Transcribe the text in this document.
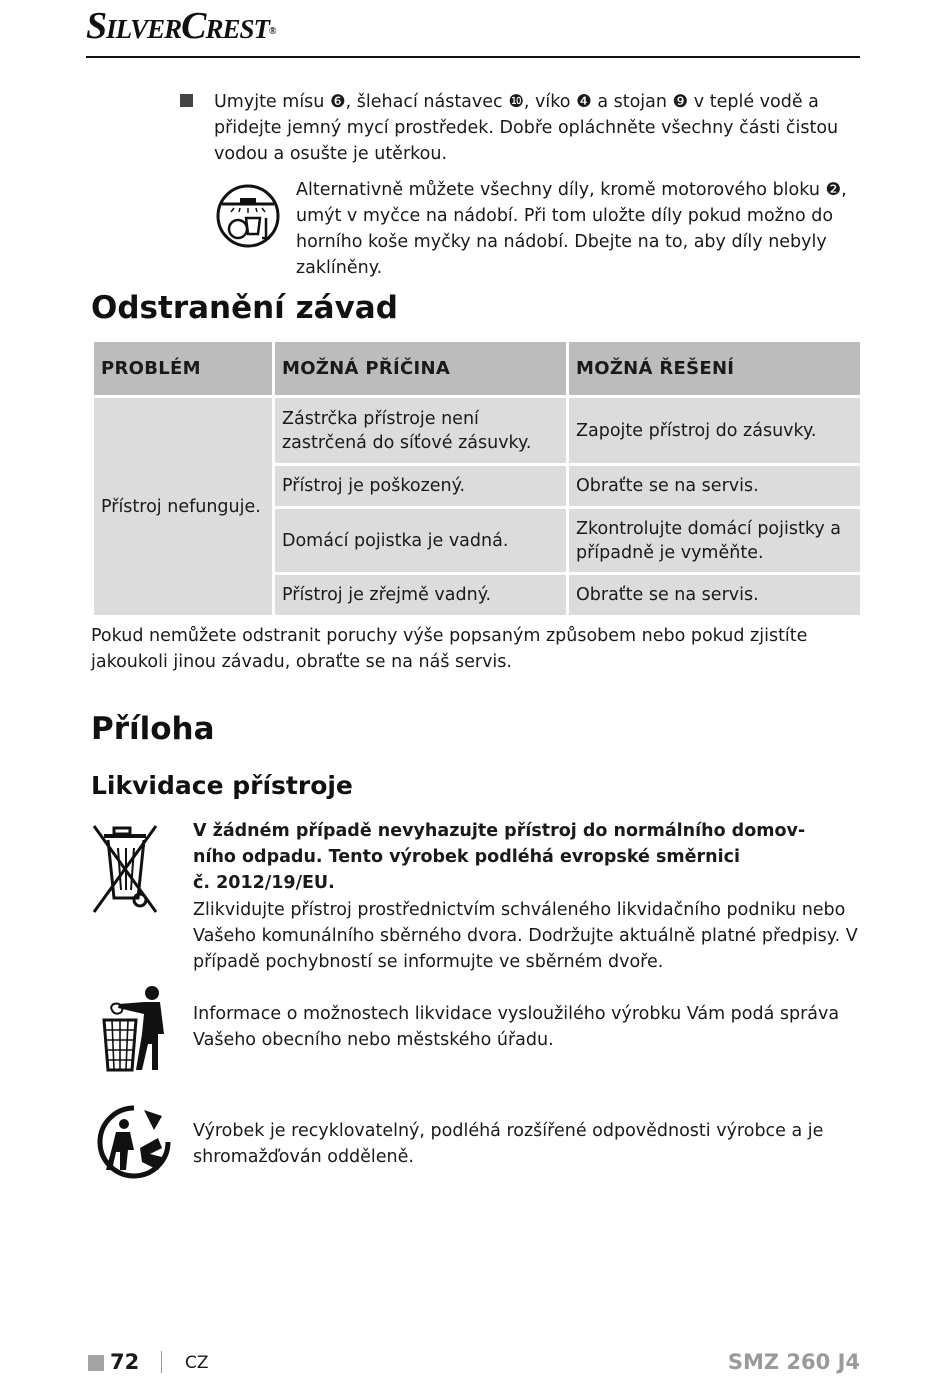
SilverCrest®
Umyjte mísu ❻, šlehací nástavec ❿, víko ❹ a stojan ❾ v teplé vodě a přidejte jemný mycí prostředek. Dobře opláchněte všechny části čistou vodou a osušte je utěrkou.
Alternativně můžete všechny díly, kromě motorového bloku ❷, umýt v myčce na nádobí. Při tom uložte díly pokud možno do horního koše myčky na nádobí. Dbejte na to, aby díly nebyly zaklíněny.
Odstranění závad
PROBLÉM	MOŽNÁ PŘÍČINA	MOŽNÁ ŘEŠENÍ
Přístroj nefunguje.	Zástrčka přístroje není zastrčená do síťové zásuvky.	Zapojte přístroj do zásuvky.
	Přístroj je poškozený.	Obraťte se na servis.
	Domácí pojistka je vadná.	Zkontrolujte domácí pojistky a případně je vyměňte.
	Přístroj je zřejmě vadný.	Obraťte se na servis.
Pokud nemůžete odstranit poruchy výše popsaným způsobem nebo pokud zjistíte jakoukoli jinou závadu, obraťte se na náš servis.
Příloha
Likvidace přístroje
V žádném případě nevyhazujte přístroj do normálního domov-
ního odpadu. Tento výrobek podléhá evropské směrnici
č. 2012/19/EU.
Zlikvidujte přístroj prostřednictvím schváleného likvidačního podniku nebo Vašeho komunálního sběrného dvora. Dodržujte aktuálně platné předpisy. V případě pochybností se informujte ve sběrném dvoře.
Informace o možnostech likvidace vysloužilého výrobku Vám podá správa Vašeho obecního nebo městského úřadu.
Výrobek je recyklovatelný, podléhá rozšířené odpovědnosti výrobce a je shromažďován odděleně.
72	CZ	SMZ 260 J4
